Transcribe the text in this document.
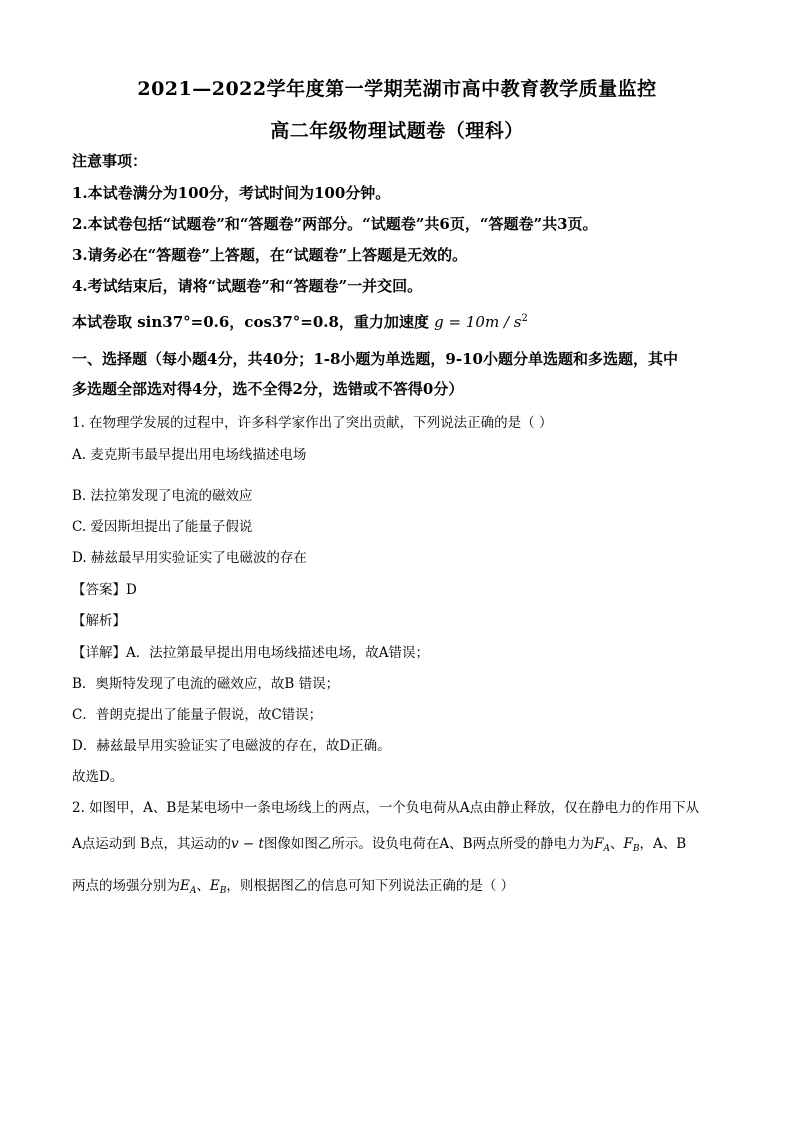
2021—2022学年度第一学期芜湖市高中教育教学质量监控
高二年级物理试题卷（理科）
注意事项：
1.本试卷满分为100分，考试时间为100分钟。
2.本试卷包括“试题卷”和“答题卷”两部分。“试题卷”共6页，“答题卷”共3页。
3.请务必在“答题卷”上答题，在“试题卷”上答题是无效的。
4.考试结束后，请将“试题卷”和“答题卷”一并交回。
本试卷取 sin37°=0.6，cos37°=0.8，重力加速度 $g = 10m / s^2$
一、选择题（每小题4分，共40分；1-8小题为单选题，9-10小题分单选题和多选题，其中
多选题全部选对得4分，选不全得2分，选错或不答得0分）
1. 在物理学发展的过程中，许多科学家作出了突出贡献，下列说法正确的是（ ）
A. 麦克斯韦最早提出用电场线描述电场
B. 法拉第发现了电流的磁效应
C. 爱因斯坦提出了能量子假说
D. 赫兹最早用实验证实了电磁波的存在
【答案】D
【解析】
【详解】A．法拉第最早提出用电场线描述电场，故A错误；
B．奥斯特发现了电流的磁效应，故B 错误；
C．普朗克提出了能量子假说，故C错误；
D．赫兹最早用实验证实了电磁波的存在，故D正确。
故选D。
2. 如图甲，A、B是某电场中一条电场线上的两点，一个负电荷从A点由静止释放，仅在静电力的作用下从
A点运动到 B点，其运动的v − t图像如图乙所示。设负电荷在A、B两点所受的静电力为$F_A$、$F_B$，A、B
两点的场强分别为$E_A$、$E_B$，则根据图乙的信息可知下列说法正确的是（ ）
